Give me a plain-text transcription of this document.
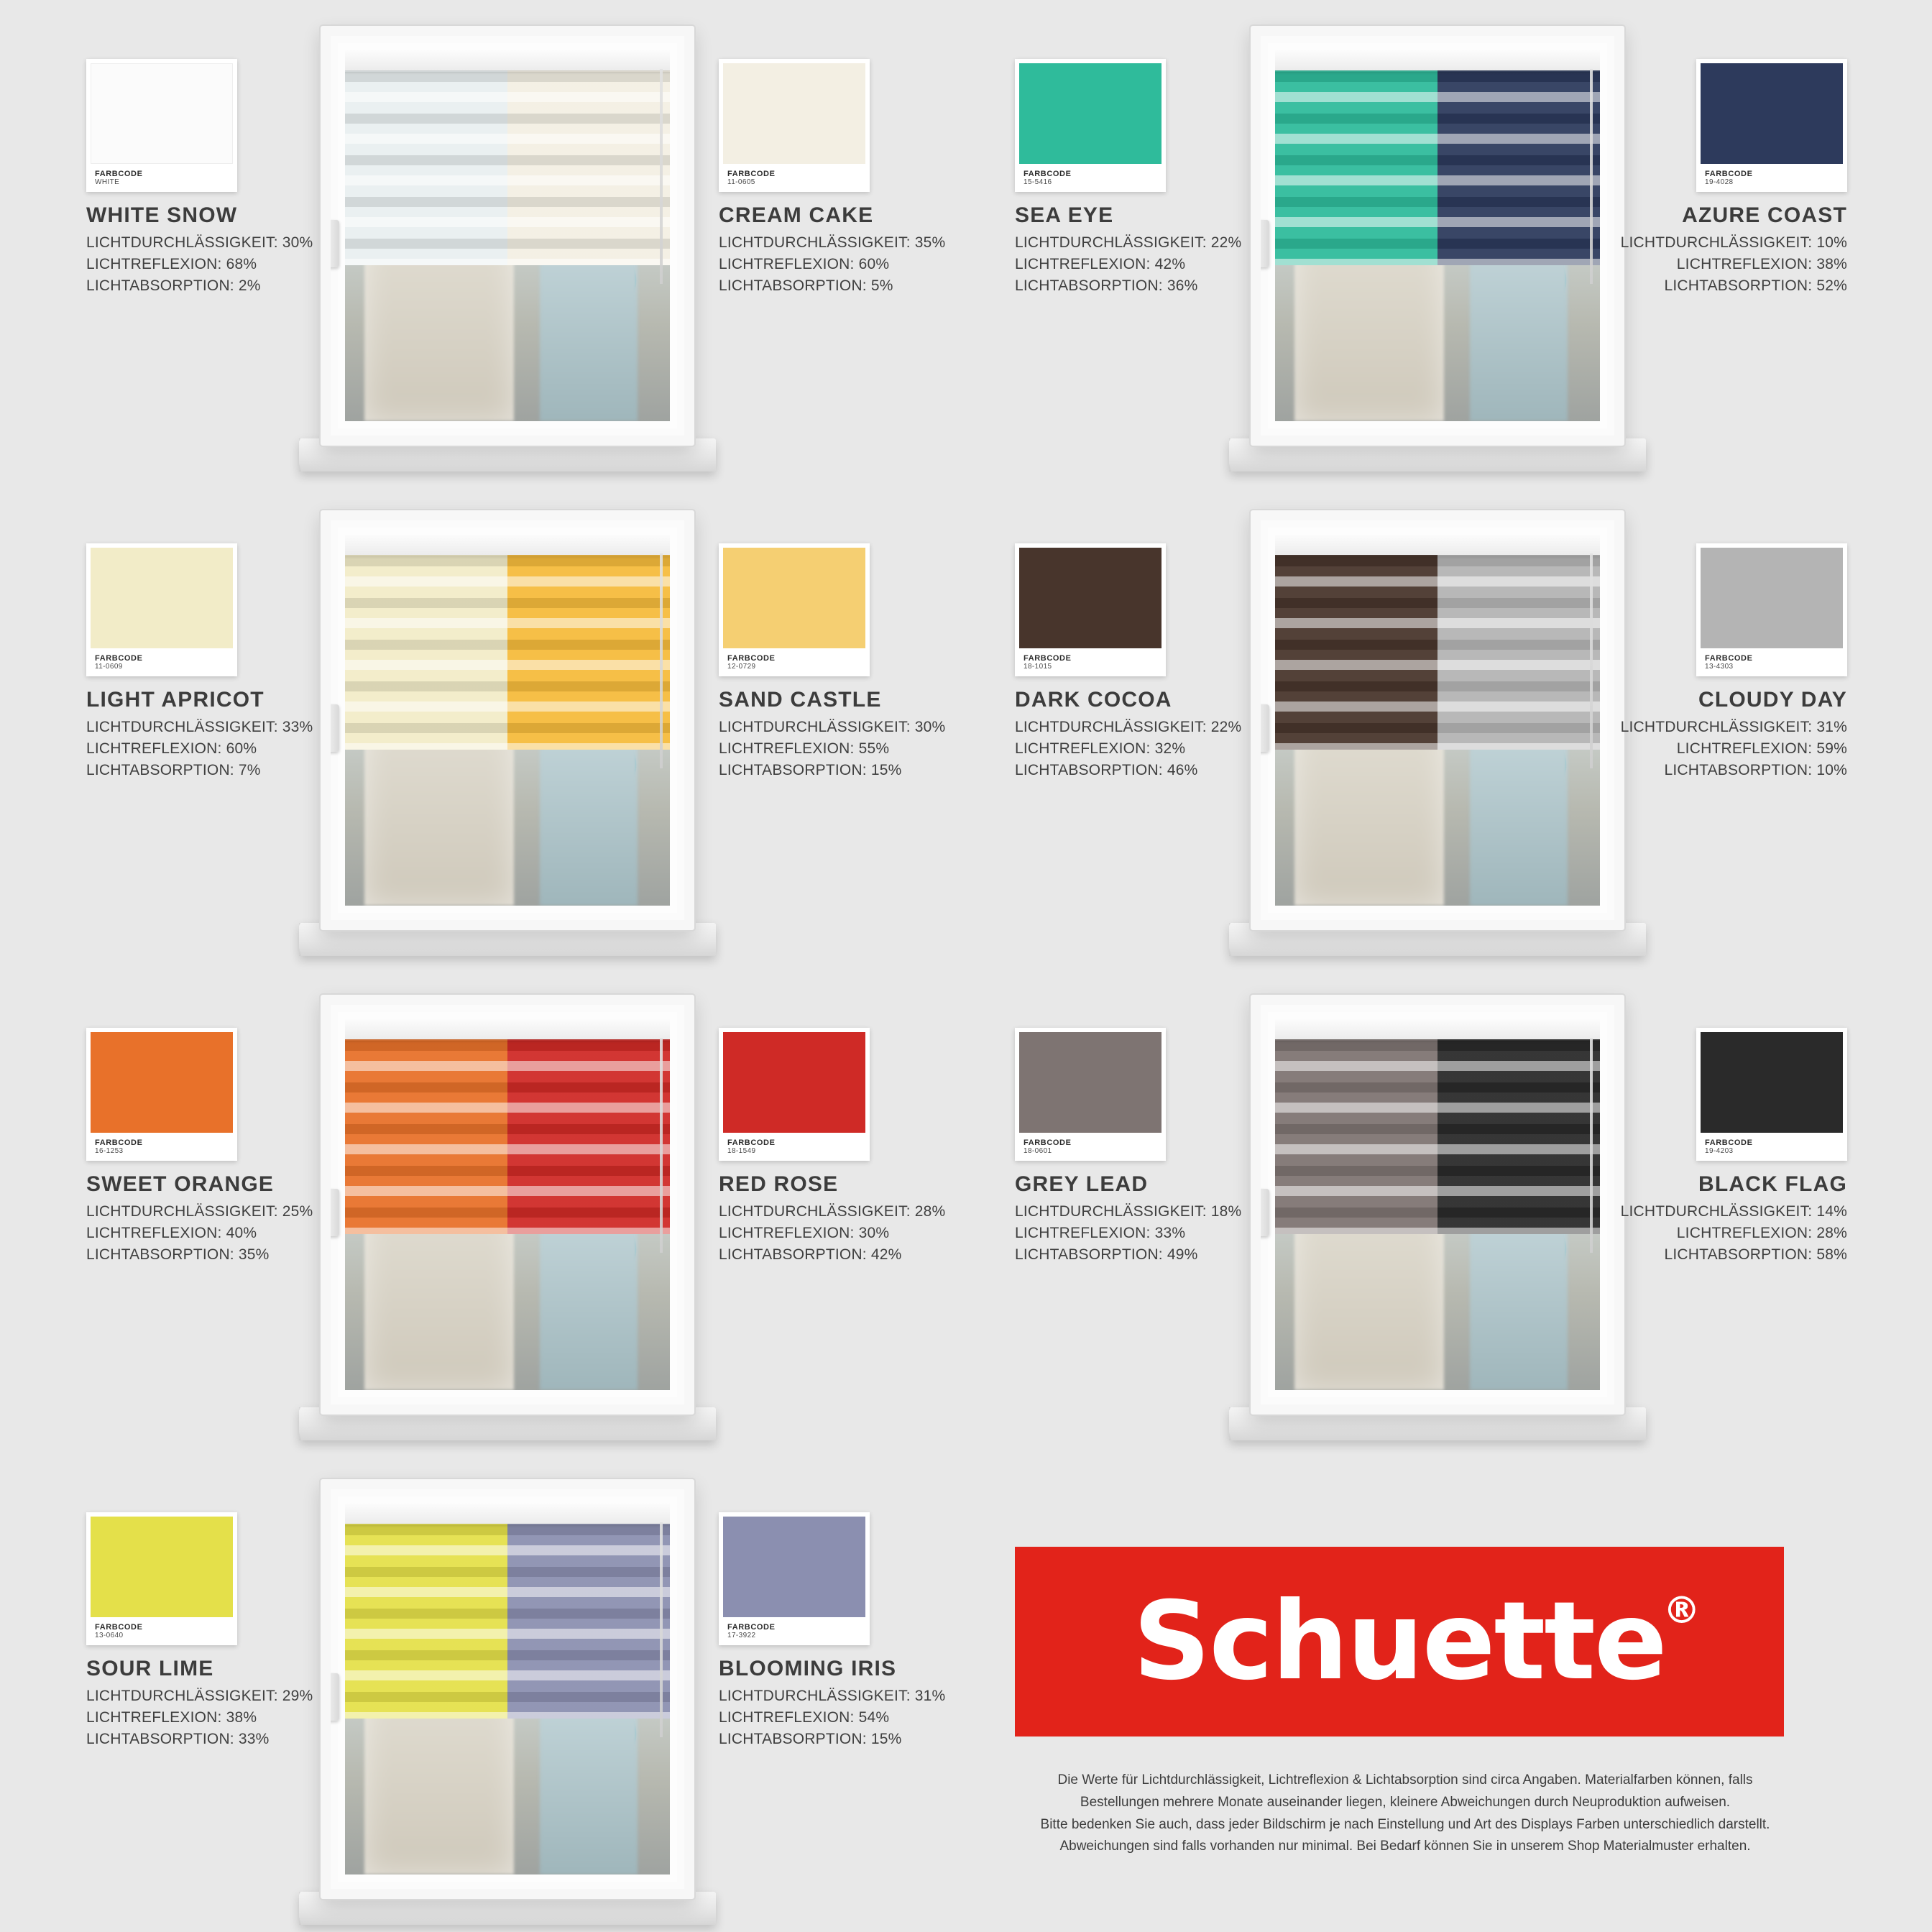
FARBCODE
WHITE
WHITE SNOW
LICHTDURCHLÄSSIGKEIT: 30%
LICHTREFLEXION: 68%
LICHTABSORPTION: 2%
FARBCODE
11-0605
CREAM CAKE
LICHTDURCHLÄSSIGKEIT: 35%
LICHTREFLEXION: 60%
LICHTABSORPTION: 5%
FARBCODE
15-5416
SEA EYE
LICHTDURCHLÄSSIGKEIT: 22%
LICHTREFLEXION: 42%
LICHTABSORPTION: 36%
FARBCODE
19-4028
AZURE COAST
LICHTDURCHLÄSSIGKEIT: 10%
LICHTREFLEXION: 38%
LICHTABSORPTION: 52%
FARBCODE
11-0609
LIGHT APRICOT
LICHTDURCHLÄSSIGKEIT: 33%
LICHTREFLEXION: 60%
LICHTABSORPTION: 7%
FARBCODE
12-0729
SAND CASTLE
LICHTDURCHLÄSSIGKEIT: 30%
LICHTREFLEXION: 55%
LICHTABSORPTION: 15%
FARBCODE
18-1015
DARK COCOA
LICHTDURCHLÄSSIGKEIT: 22%
LICHTREFLEXION: 32%
LICHTABSORPTION: 46%
FARBCODE
13-4303
CLOUDY DAY
LICHTDURCHLÄSSIGKEIT: 31%
LICHTREFLEXION: 59%
LICHTABSORPTION: 10%
FARBCODE
16-1253
SWEET ORANGE
LICHTDURCHLÄSSIGKEIT: 25%
LICHTREFLEXION: 40%
LICHTABSORPTION: 35%
FARBCODE
18-1549
RED ROSE
LICHTDURCHLÄSSIGKEIT: 28%
LICHTREFLEXION: 30%
LICHTABSORPTION: 42%
FARBCODE
18-0601
GREY LEAD
LICHTDURCHLÄSSIGKEIT: 18%
LICHTREFLEXION: 33%
LICHTABSORPTION: 49%
FARBCODE
19-4203
BLACK FLAG
LICHTDURCHLÄSSIGKEIT: 14%
LICHTREFLEXION: 28%
LICHTABSORPTION: 58%
FARBCODE
13-0640
SOUR LIME
LICHTDURCHLÄSSIGKEIT: 29%
LICHTREFLEXION: 38%
LICHTABSORPTION: 33%
FARBCODE
17-3922
BLOOMING IRIS
LICHTDURCHLÄSSIGKEIT: 31%
LICHTREFLEXION: 54%
LICHTABSORPTION: 15%
Schuette
®
Die Werte für Lichtdurchlässigkeit, Lichtreflexion & Lichtabsorption sind circa Angaben. Materialfarben können, falls
Bestellungen mehrere Monate auseinander liegen, kleinere Abweichungen durch Neuproduktion aufweisen.
Bitte bedenken Sie auch, dass jeder Bildschirm je nach Einstellung und Art des Displays Farben unterschiedlich darstellt.
Abweichungen sind falls vorhanden nur minimal. Bei Bedarf können Sie in unserem Shop Materialmuster erhalten.
